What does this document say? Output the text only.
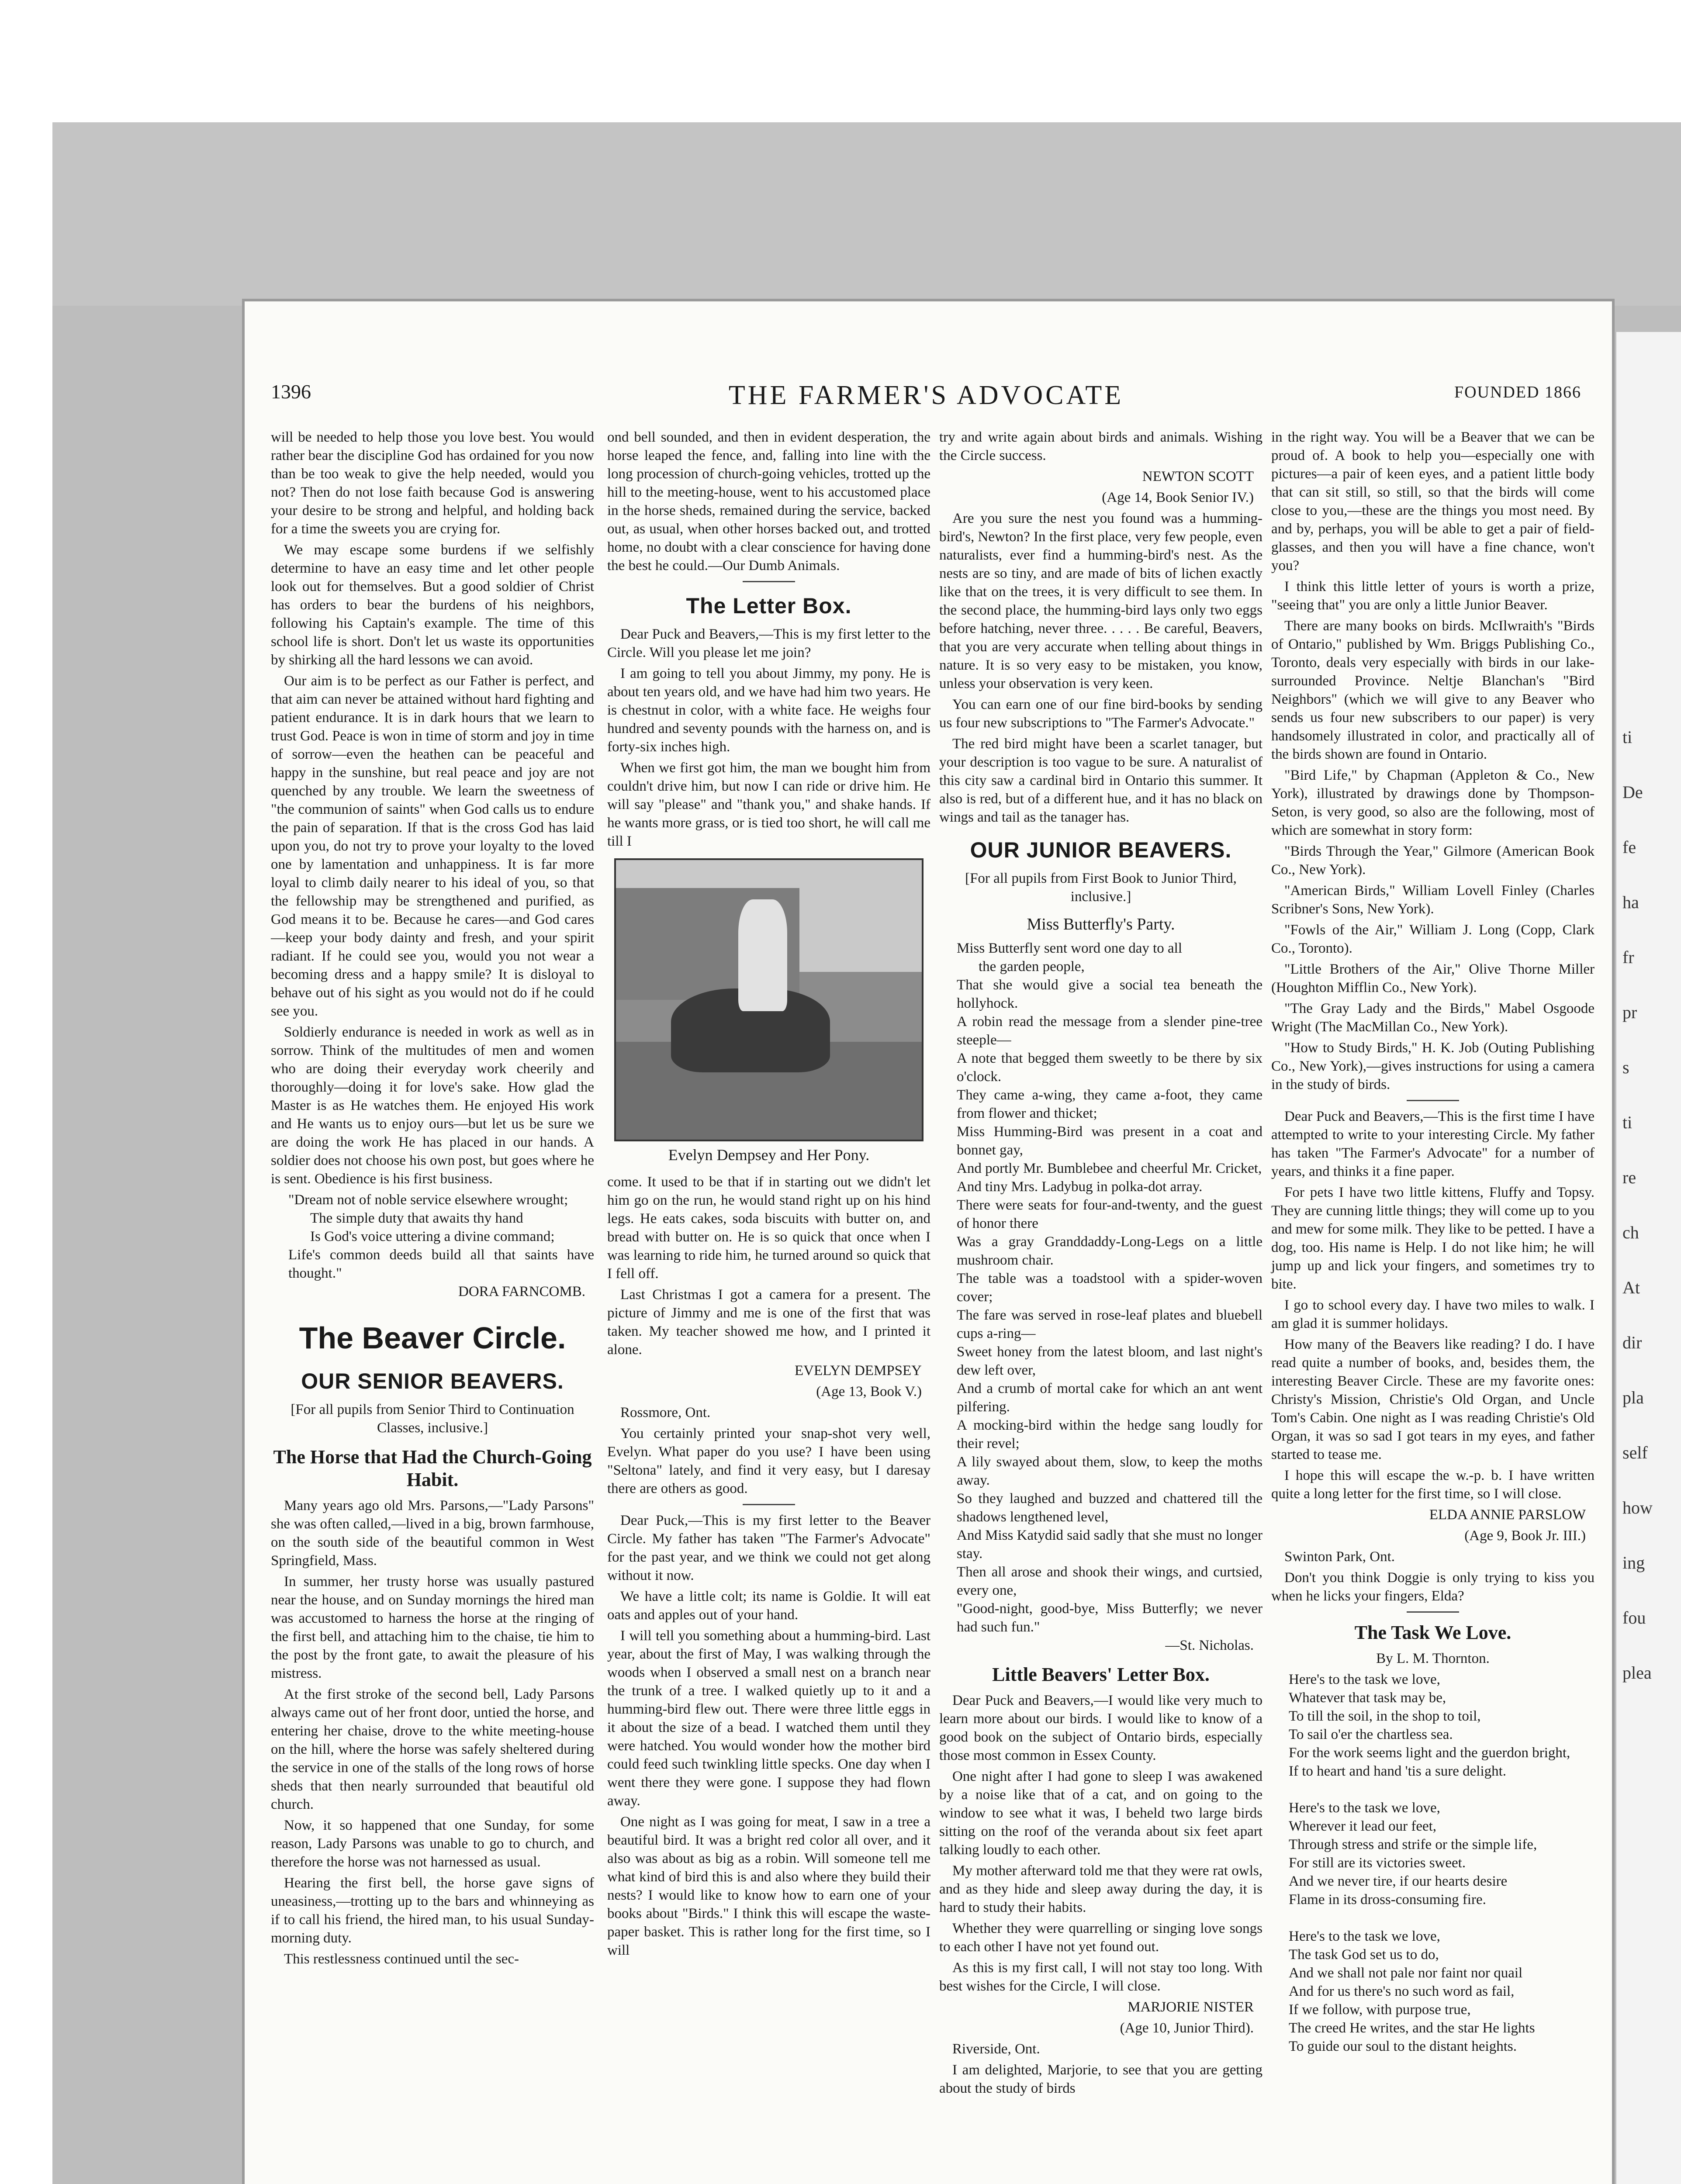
ti
De
fe
ha
fr
pr
s
ti
re
ch
At
dir
pla
self
how
ing
fou
plea
1396	THE FARMER'S ADVOCATE	FOUNDED 1866

will be needed to help those you love best. You would rather bear the discipline God has ordained for you now than be too weak to give the help needed, would you not? Then do not lose faith because God is answering your desire to be strong and helpful, and holding back for a time the sweets you are crying for.

We may escape some burdens if we selfishly determine to have an easy time and let other people look out for themselves. But a good soldier of Christ has orders to bear the burdens of his neighbors, following his Captain's example. The time of this school life is short. Don't let us waste its opportunities by shirking all the hard lessons we can avoid.

Our aim is to be perfect as our Father is perfect, and that aim can never be attained without hard fighting and patient endurance. It is in dark hours that we learn to trust God. Peace is won in time of storm and joy in time of sorrow—even the heathen can be peaceful and happy in the sunshine, but real peace and joy are not quenched by any trouble. We learn the sweetness of "the communion of saints" when God calls us to endure the pain of separation. If that is the cross God has laid upon you, do not try to prove your loyalty to the loved one by lamentation and unhappiness. It is far more loyal to climb daily nearer to his ideal of you, so that the fellowship may be strengthened and purified, as God means it to be. Because he cares—and God cares—keep your body dainty and fresh, and your spirit radiant. If he could see you, would you not wear a becoming dress and a happy smile? It is disloyal to behave out of his sight as you would not do if he could see you.

Soldierly endurance is needed in work as well as in sorrow. Think of the multitudes of men and women who are doing their everyday work cheerily and thoroughly—doing it for love's sake. How glad the Master is as He watches them. He enjoyed His work and He wants us to enjoy ours—but let us be sure we are doing the work He has placed in our hands. A soldier does not choose his own post, but goes where he is sent. Obedience is his first business.

"Dream not of noble service elsewhere wrought;
The simple duty that awaits thy hand
Is God's voice uttering a divine command;
Life's common deeds build all that saints have thought."

DORA FARNCOMB.

The Beaver Circle.
OUR SENIOR BEAVERS.

[For all pupils from Senior Third to Continuation Classes, inclusive.]

The Horse that Had the Church-Going Habit.

Many years ago old Mrs. Parsons,—"Lady Parsons" she was often called,—lived in a big, brown farmhouse, on the south side of the beautiful common in West Springfield, Mass.

In summer, her trusty horse was usually pastured near the house, and on Sunday mornings the hired man was accustomed to harness the horse at the ringing of the first bell, and attaching him to the chaise, tie him to the post by the front gate, to await the pleasure of his mistress.

At the first stroke of the second bell, Lady Parsons always came out of her front door, untied the horse, and entering her chaise, drove to the white meeting-house on the hill, where the horse was safely sheltered during the service in one of the stalls of the long rows of horse sheds that then nearly surrounded that beautiful old church.

Now, it so happened that one Sunday, for some reason, Lady Parsons was unable to go to church, and therefore the horse was not harnessed as usual.

Hearing the first bell, the horse gave signs of uneasiness,—trotting up to the bars and whinneying as if to call his friend, the hired man, to his usual Sunday-morning duty.

This restlessness continued until the sec-

ond bell sounded, and then in evident desperation, the horse leaped the fence, and, falling into line with the long procession of church-going vehicles, trotted up the hill to the meeting-house, went to his accustomed place in the horse sheds, remained during the service, backed out, as usual, when other horses backed out, and trotted home, no doubt with a clear conscience for having done the best he could.—Our Dumb Animals.

The Letter Box.

Dear Puck and Beavers,—This is my first letter to the Circle. Will you please let me join?

I am going to tell you about Jimmy, my pony. He is about ten years old, and we have had him two years. He is chestnut in color, with a white face. He weighs four hundred and seventy pounds with the harness on, and is forty-six inches high.

When we first got him, the man we bought him from couldn't drive him, but now I can ride or drive him. He will say "please" and "thank you," and shake hands. If he wants more grass, or is tied too short, he will call me till I

Evelyn Dempsey and Her Pony.

come. It used to be that if in starting out we didn't let him go on the run, he would stand right up on his hind legs. He eats cakes, soda biscuits with butter on, and bread with butter on. He is so quick that once when I was learning to ride him, he turned around so quick that I fell off.

Last Christmas I got a camera for a present. The picture of Jimmy and me is one of the first that was taken. My teacher showed me how, and I printed it alone.

EVELYN DEMPSEY

(Age 13, Book V.)

Rossmore, Ont.

You certainly printed your snap-shot very well, Evelyn. What paper do you use? I have been using "Seltona" lately, and find it very easy, but I daresay there are others as good.

Dear Puck,—This is my first letter to the Beaver Circle. My father has taken "The Farmer's Advocate" for the past year, and we think we could not get along without it now.

We have a little colt; its name is Goldie. It will eat oats and apples out of your hand.

I will tell you something about a humming-bird. Last year, about the first of May, I was walking through the woods when I observed a small nest on a branch near the trunk of a tree. I walked quietly up to it and a humming-bird flew out. There were three little eggs in it about the size of a bead. I watched them until they were hatched. You would wonder how the mother bird could feed such twinkling little specks. One day when I went there they were gone. I suppose they had flown away.

One night as I was going for meat, I saw in a tree a beautiful bird. It was a bright red color all over, and it also was about as big as a robin. Will someone tell me what kind of bird this is and also where they build their nests? I would like to know how to earn one of your books about "Birds." I think this will escape the waste-paper basket. This is rather long for the first time, so I will

try and write again about birds and animals. Wishing the Circle success.

NEWTON SCOTT

(Age 14, Book Senior IV.)

Are you sure the nest you found was a humming-bird's, Newton? In the first place, very few people, even naturalists, ever find a humming-bird's nest. As the nests are so tiny, and are made of bits of lichen exactly like that on the trees, it is very difficult to see them. In the second place, the humming-bird lays only two eggs before hatching, never three. . . . . Be careful, Beavers, that you are very accurate when telling about things in nature. It is so very easy to be mistaken, you know, unless your observation is very keen.

You can earn one of our fine bird-books by sending us four new subscriptions to "The Farmer's Advocate."

The red bird might have been a scarlet tanager, but your description is too vague to be sure. A naturalist of this city saw a cardinal bird in Ontario this summer. It also is red, but of a different hue, and it has no black on wings and tail as the tanager has.

OUR JUNIOR BEAVERS.

[For all pupils from First Book to Junior Third, inclusive.]

Miss Butterfly's Party.
Miss Butterfly sent word one day to all
the garden people,
That she would give a social tea beneath the hollyhock.
A robin read the message from a slender pine-tree steeple—
A note that begged them sweetly to be there by six o'clock.
They came a-wing, they came a-foot, they came from flower and thicket;
Miss Humming-Bird was present in a coat and bonnet gay,
And portly Mr. Bumblebee and cheerful Mr. Cricket,
And tiny Mrs. Ladybug in polka-dot array.
There were seats for four-and-twenty, and the guest of honor there
Was a gray Granddaddy-Long-Legs on a little mushroom chair.
The table was a toadstool with a spider-woven cover;
The fare was served in rose-leaf plates and bluebell cups a-ring—
Sweet honey from the latest bloom, and last night's dew left over,
And a crumb of mortal cake for which an ant went pilfering.
A mocking-bird within the hedge sang loudly for their revel;
A lily swayed about them, slow, to keep the moths away.
So they laughed and buzzed and chattered till the shadows lengthened level,
And Miss Katydid said sadly that she must no longer stay.
Then all arose and shook their wings, and curtsied, every one,
"Good-night, good-bye, Miss Butterfly; we never had such fun."

—St. Nicholas.

Little Beavers' Letter Box.

Dear Puck and Beavers,—I would like very much to learn more about our birds. I would like to know of a good book on the subject of Ontario birds, especially those most common in Essex County.

One night after I had gone to sleep I was awakened by a noise like that of a cat, and on going to the window to see what it was, I beheld two large birds sitting on the roof of the veranda about six feet apart talking loudly to each other.

My mother afterward told me that they were rat owls, and as they hide and sleep away during the day, it is hard to study their habits.

Whether they were quarrelling or singing love songs to each other I have not yet found out.

As this is my first call, I will not stay too long. With best wishes for the Circle, I will close.

MARJORIE NISTER

(Age 10, Junior Third).

Riverside, Ont.

I am delighted, Marjorie, to see that you are getting about the study of birds

in the right way. You will be a Beaver that we can be proud of. A book to help you—especially one with pictures—a pair of keen eyes, and a patient little body that can sit still, so still, so that the birds will come close to you,—these are the things you most need. By and by, perhaps, you will be able to get a pair of field-glasses, and then you will have a fine chance, won't you?

I think this little letter of yours is worth a prize, "seeing that" you are only a little Junior Beaver.

There are many books on birds. McIlwraith's "Birds of Ontario," published by Wm. Briggs Publishing Co., Toronto, deals very especially with birds in our lake-surrounded Province. Neltje Blanchan's "Bird Neighbors" (which we will give to any Beaver who sends us four new subscribers to our paper) is very handsomely illustrated in color, and practically all of the birds shown are found in Ontario.

"Bird Life," by Chapman (Appleton & Co., New York), illustrated by drawings done by Thompson-Seton, is very good, so also are the following, most of which are somewhat in story form:

"Birds Through the Year," Gilmore (American Book Co., New York).

"American Birds," William Lovell Finley (Charles Scribner's Sons, New York).

"Fowls of the Air," William J. Long (Copp, Clark Co., Toronto).

"Little Brothers of the Air," Olive Thorne Miller (Houghton Mifflin Co., New York).

"The Gray Lady and the Birds," Mabel Osgoode Wright (The MacMillan Co., New York).

"How to Study Birds," H. K. Job (Outing Publishing Co., New York),—gives instructions for using a camera in the study of birds.

Dear Puck and Beavers,—This is the first time I have attempted to write to your interesting Circle. My father has taken "The Farmer's Advocate" for a number of years, and thinks it a fine paper.

For pets I have two little kittens, Fluffy and Topsy. They are cunning little things; they will come up to you and mew for some milk. They like to be petted. I have a dog, too. His name is Help. I do not like him; he will jump up and lick your fingers, and sometimes try to bite.

I go to school every day. I have two miles to walk. I am glad it is summer holidays.

How many of the Beavers like reading? I do. I have read quite a number of books, and, besides them, the interesting Beaver Circle. These are my favorite ones: Christy's Mission, Christie's Old Organ, and Uncle Tom's Cabin. One night as I was reading Christie's Old Organ, it was so sad I got tears in my eyes, and father started to tease me.

I hope this will escape the w.-p. b. I have written quite a long letter for the first time, so I will close.

ELDA ANNIE PARSLOW

(Age 9, Book Jr. III.)

Swinton Park, Ont.

Don't you think Doggie is only trying to kiss you when he licks your fingers, Elda?

The Task We Love.

By L. M. Thornton.

Here's to the task we love,
Whatever that task may be,
To till the soil, in the shop to toil,
To sail o'er the chartless sea.
For the work seems light and the guerdon bright,
If to heart and hand 'tis a sure delight.

Here's to the task we love,
Wherever it lead our feet,
Through stress and strife or the simple life,
For still are its victories sweet.
And we never tire, if our hearts desire
Flame in its dross-consuming fire.

Here's to the task we love,
The task God set us to do,
And we shall not pale nor faint nor quail
And for us there's no such word as fail,
If we follow, with purpose true,
The creed He writes, and the star He lights
To guide our soul to the distant heights.
